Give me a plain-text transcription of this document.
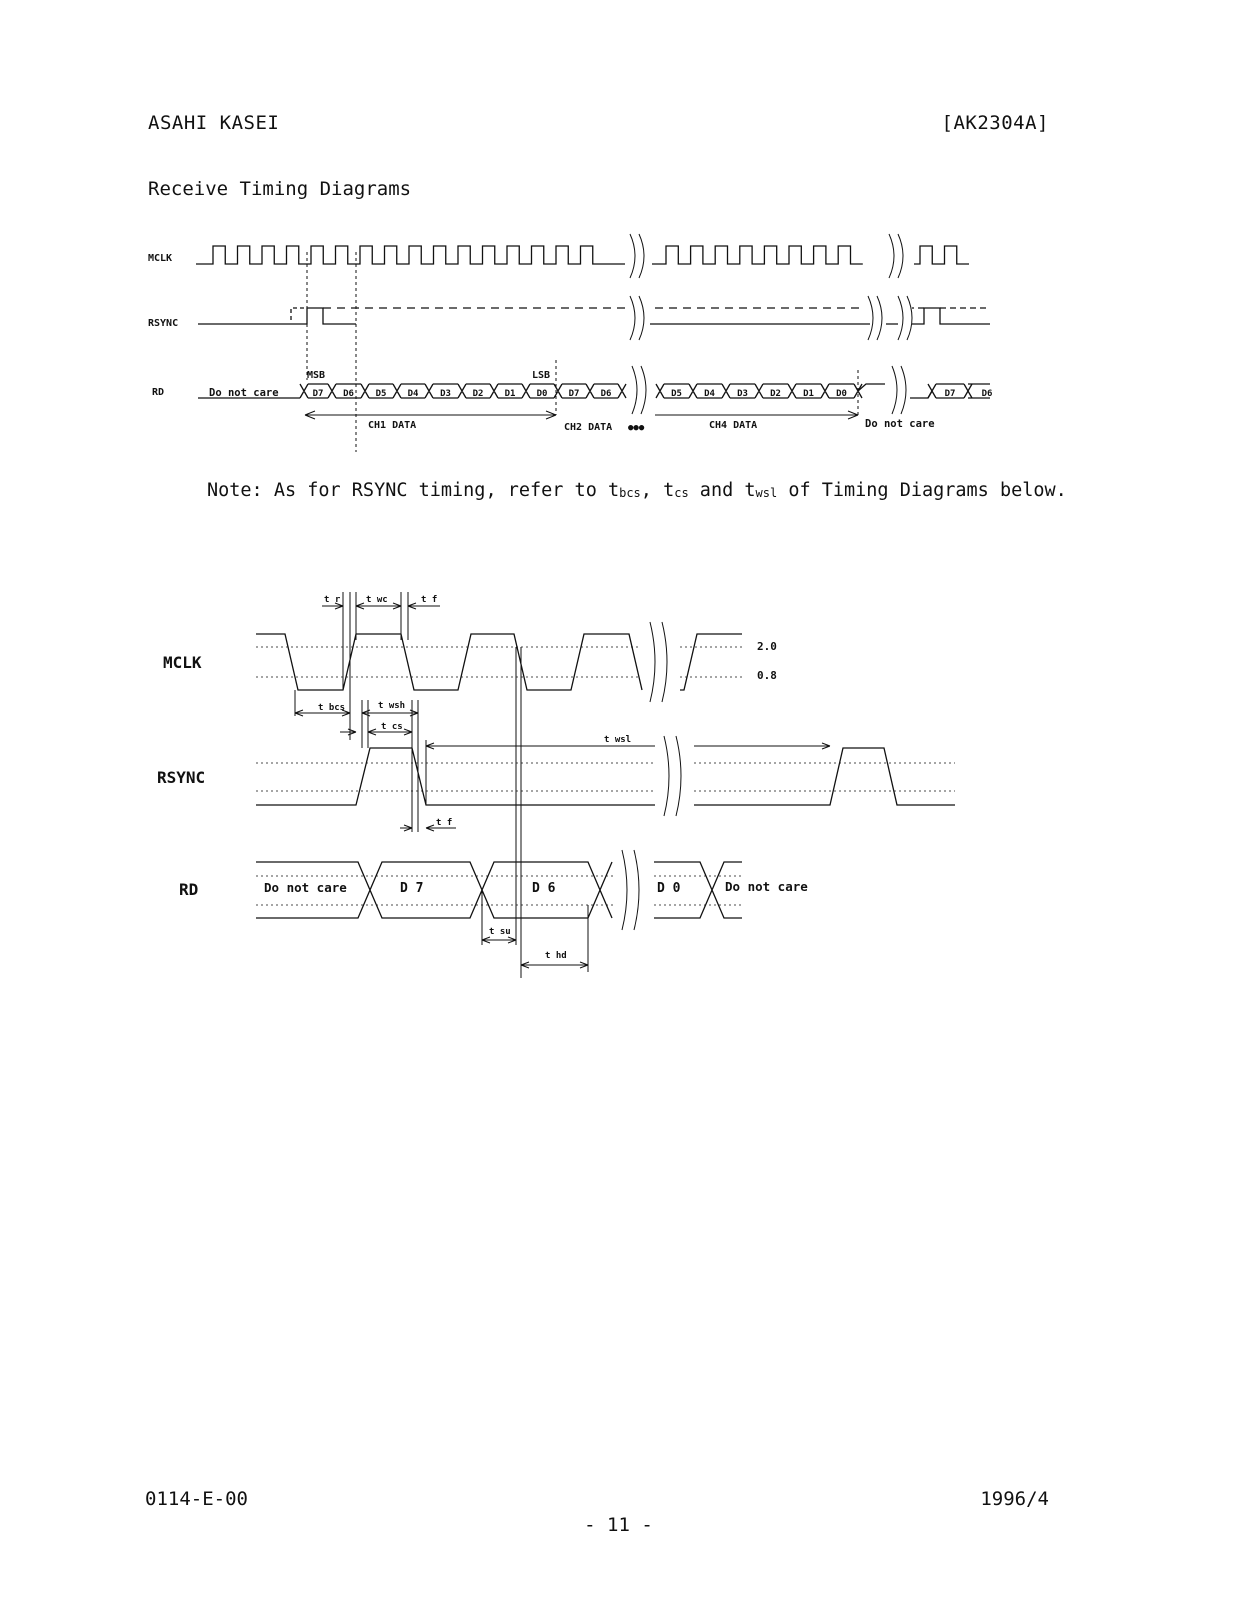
ASAHI KASEI	[AK2304A]
Receive Timing Diagrams
MCLK
RSYNC
RD
MSB	LSB
Do not care	D7 D6 D5 D4 D3 D2 D1 D0 D7 D6	D5 D4 D3 D2 D1 D0	D7	D6
CH1 DATA	CH2 DATA ●●●	CH4 DATA	Do not care
Note: As for RSYNC timing, refer to $t_{bcs}$, $t_{cs}$ and $t_{wsl}$ of Timing Diagrams below.
MCLK
RSYNC
RD
t r	t wc	t f
t bcs	t wsh
t cs
t wsl
t f
t su
t hd
2.0
0.8
Do not care	D 7	D 6	D 0	Do not care
0114-E-00	1996/4
- 11 -
